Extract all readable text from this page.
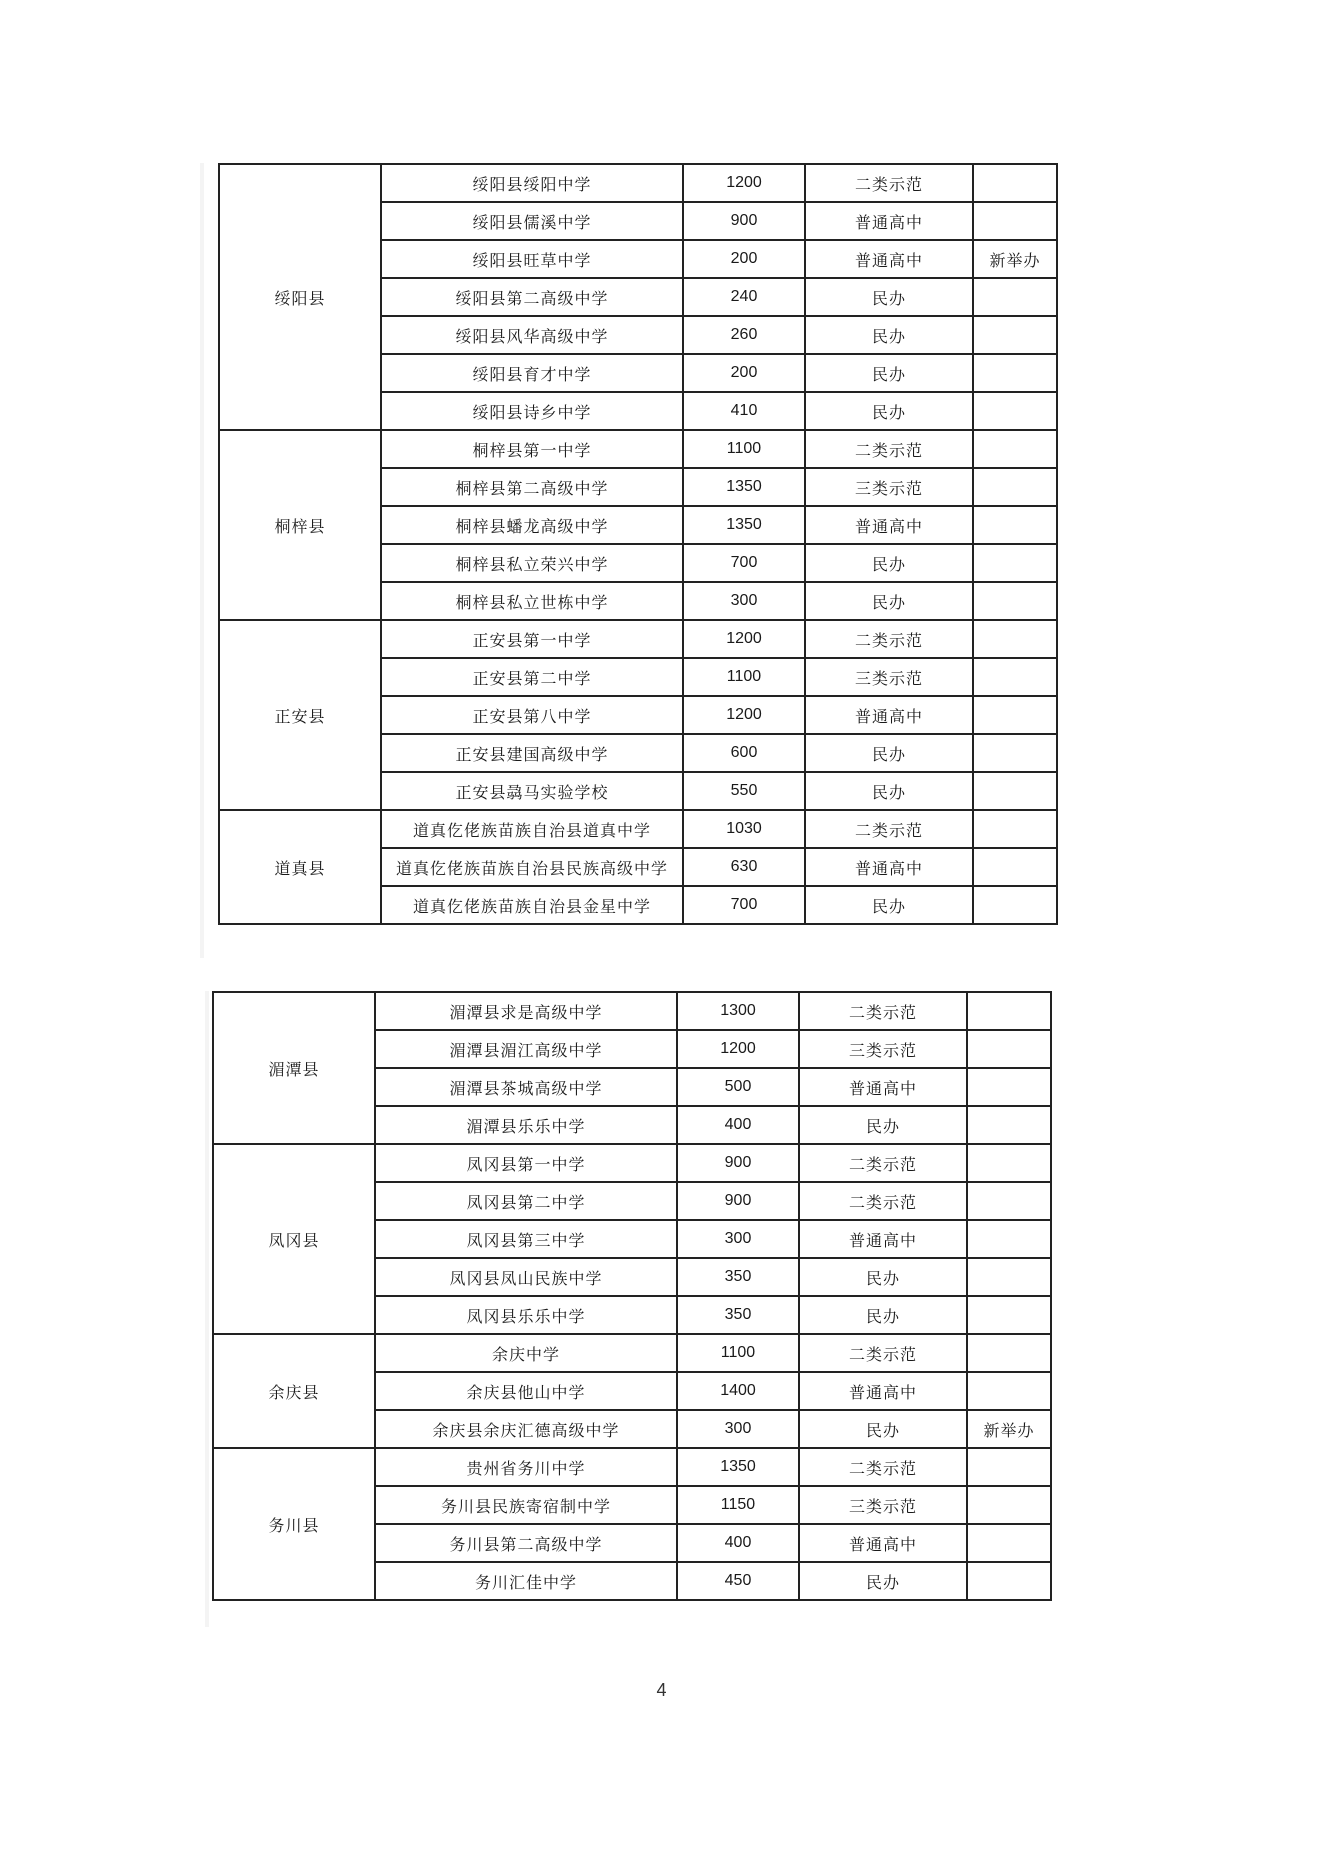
绥阳县	绥阳县绥阳中学	1200	二类示范	
	绥阳县儒溪中学	900	普通高中	
	绥阳县旺草中学	200	普通高中	新举办
	绥阳县第二高级中学	240	民办	
	绥阳县风华高级中学	260	民办	
	绥阳县育才中学	200	民办	
	绥阳县诗乡中学	410	民办	
桐梓县	桐梓县第一中学	1100	二类示范	
	桐梓县第二高级中学	1350	三类示范	
	桐梓县蟠龙高级中学	1350	普通高中	
	桐梓县私立荣兴中学	700	民办	
	桐梓县私立世栋中学	300	民办	
正安县	正安县第一中学	1200	二类示范	
	正安县第二中学	1100	三类示范	
	正安县第八中学	1200	普通高中	
	正安县建国高级中学	600	民办	
	正安县骉马实验学校	550	民办	
道真县	道真仡佬族苗族自治县道真中学	1030	二类示范	
	道真仡佬族苗族自治县民族高级中学	630	普通高中	
	道真仡佬族苗族自治县金星中学	700	民办	
湄潭县	湄潭县求是高级中学	1300	二类示范	
	湄潭县湄江高级中学	1200	三类示范	
	湄潭县茶城高级中学	500	普通高中	
	湄潭县乐乐中学	400	民办	
凤冈县	凤冈县第一中学	900	二类示范	
	凤冈县第二中学	900	二类示范	
	凤冈县第三中学	300	普通高中	
	凤冈县凤山民族中学	350	民办	
	凤冈县乐乐中学	350	民办	
余庆县	余庆中学	1100	二类示范	
	余庆县他山中学	1400	普通高中	
	余庆县余庆汇德高级中学	300	民办	新举办
务川县	贵州省务川中学	1350	二类示范	
	务川县民族寄宿制中学	1150	三类示范	
	务川县第二高级中学	400	普通高中	
	务川汇佳中学	450	民办	
4
